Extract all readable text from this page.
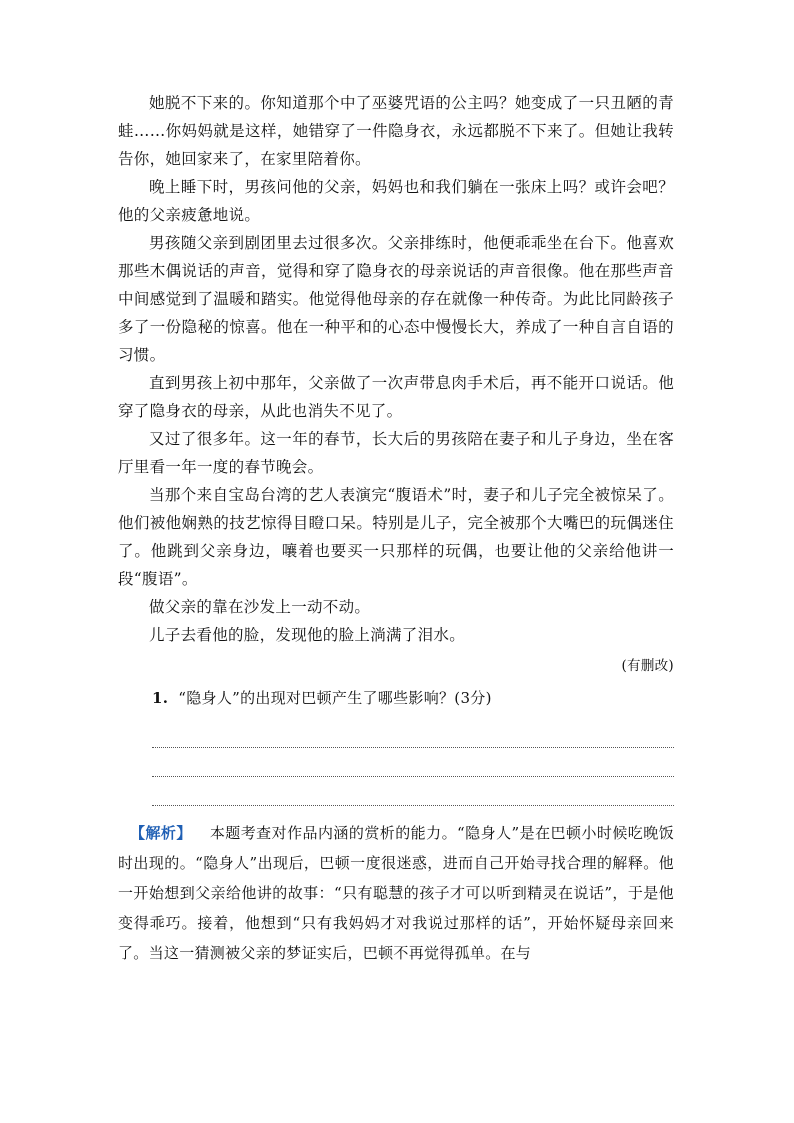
她脱不下来的。你知道那个中了巫婆咒语的公主吗？她变成了一只丑陋的青蛙……你妈妈就是这样，她错穿了一件隐身衣，永远都脱不下来了。但她让我转告你，她回家来了，在家里陪着你。

晚上睡下时，男孩问他的父亲，妈妈也和我们躺在一张床上吗？或许会吧？他的父亲疲惫地说。

男孩随父亲到剧团里去过很多次。父亲排练时，他便乖乖坐在台下。他喜欢那些木偶说话的声音，觉得和穿了隐身衣的母亲说话的声音很像。他在那些声音中间感觉到了温暖和踏实。他觉得他母亲的存在就像一种传奇。为此比同龄孩子多了一份隐秘的惊喜。他在一种平和的心态中慢慢长大，养成了一种自言自语的习惯。

直到男孩上初中那年，父亲做了一次声带息肉手术后，再不能开口说话。他穿了隐身衣的母亲，从此也消失不见了。

又过了很多年。这一年的春节，长大后的男孩陪在妻子和儿子身边，坐在客厅里看一年一度的春节晚会。

当那个来自宝岛台湾的艺人表演完“腹语术”时，妻子和儿子完全被惊呆了。他们被他娴熟的技艺惊得目瞪口呆。特别是儿子，完全被那个大嘴巴的玩偶迷住了。他跳到父亲身边，嚷着也要买一只那样的玩偶，也要让他的父亲给他讲一段“腹语”。

做父亲的靠在沙发上一动不动。

儿子去看他的脸，发现他的脸上淌满了泪水。

(有删改)
1. “隐身人”的出现对巴顿产生了哪些影响？(3分)
【解析】 本题考查对作品内涵的赏析的能力。“隐身人”是在巴顿小时候吃晚饭时出现的。“隐身人”出现后，巴顿一度很迷惑，进而自己开始寻找合理的解释。他一开始想到父亲给他讲的故事：“只有聪慧的孩子才可以听到精灵在说话”，于是他变得乖巧。接着，他想到“只有我妈妈才对我说过那样的话”，开始怀疑母亲回来了。当这一猜测被父亲的梦证实后，巴顿不再觉得孤单。在与
